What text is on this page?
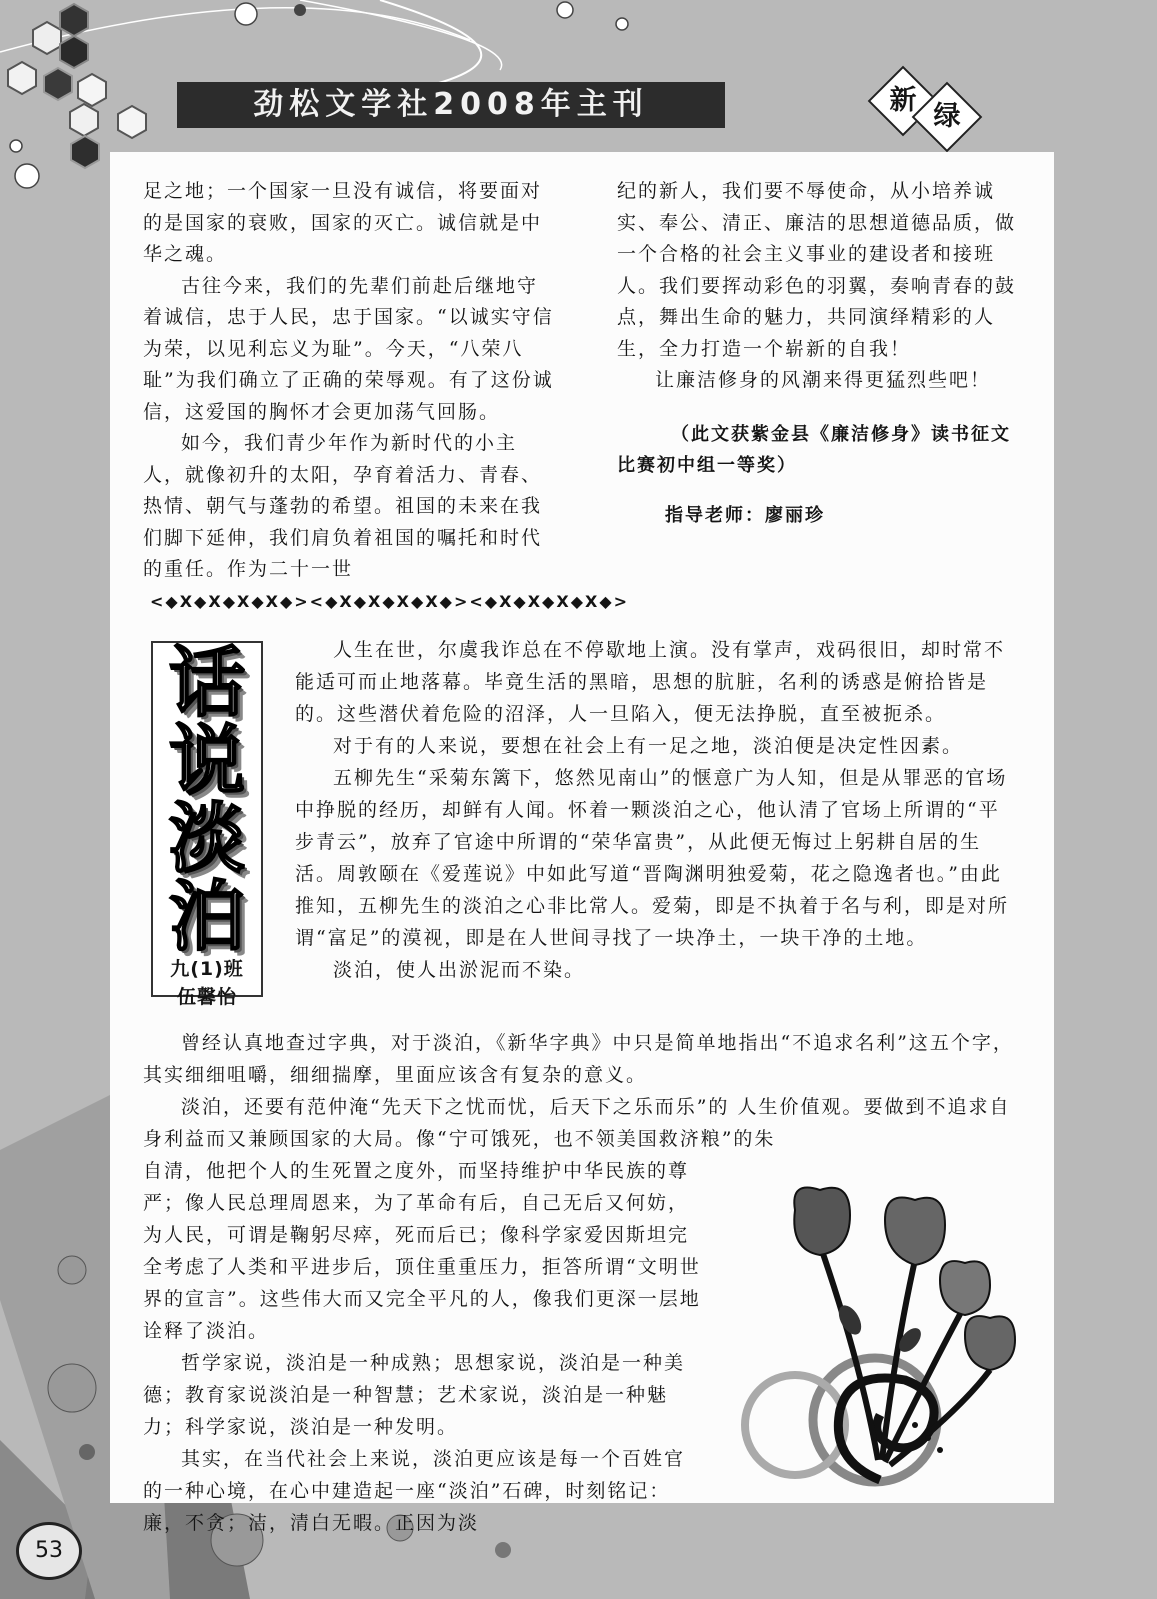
劲松文学社2008年主刊	新
绿

足之地；一个国家一旦没有诚信，将要面对的是国家的衰败，国家的灭亡。诚信就是中华之魂。

古往今来，我们的先辈们前赴后继地守着诚信，忠于人民，忠于国家。“以诚实守信为荣，以见利忘义为耻”。今天，“八荣八耻”为我们确立了正确的荣辱观。有了这份诚信，这爱国的胸怀才会更加荡气回肠。

如今，我们青少年作为新时代的小主人，就像初升的太阳，孕育着活力、青春、热情、朝气与蓬勃的希望。祖国的未来在我们脚下延伸，我们肩负着祖国的嘱托和时代的重任。作为二十一世

纪的新人，我们要不辱使命，从小培养诚实、奉公、清正、廉洁的思想道德品质，做一个合格的社会主义事业的建设者和接班人。我们要挥动彩色的羽翼，奏响青春的鼓点，舞出生命的魅力，共同演绎精彩的人生，全力打造一个崭新的自我！

让廉洁修身的风潮来得更猛烈些吧！

（此文获紫金县《廉洁修身》读书征文比赛初中组一等奖）

指导老师：廖丽珍

<◆X◆X◆X◆X◆><◆X◆X◆X◆X◆><◆X◆X◆X◆X◆>
话
说
淡
泊
九(1)班
伍馨怡

人生在世，尔虞我诈总在不停歇地上演。没有掌声，戏码很旧，却时常不能适可而止地落幕。毕竟生活的黑暗，思想的肮脏，名利的诱惑是俯拾皆是的。这些潜伏着危险的沼泽，人一旦陷入，便无法挣脱，直至被扼杀。

对于有的人来说，要想在社会上有一足之地，淡泊便是决定性因素。

五柳先生“采菊东篱下，悠然见南山”的惬意广为人知，但是从罪恶的官场中挣脱的经历，却鲜有人闻。怀着一颗淡泊之心，他认清了官场上所谓的“平步青云”，放弃了官途中所谓的“荣华富贵”，从此便无悔过上躬耕自居的生活。周敦颐在《爱莲说》中如此写道“晋陶渊明独爱菊，花之隐逸者也。”由此推知，五柳先生的淡泊之心非比常人。爱菊，即是不执着于名与利，即是对所谓“富足”的漠视，即是在人世间寻找了一块净土，一块干净的土地。

淡泊，使人出淤泥而不染。

曾经认真地查过字典，对于淡泊，《新华字典》中只是简单地指出“不追求名利”这五个字，其实细细咀嚼，细细揣摩，里面应该含有复杂的意义。

淡泊，还要有范仲淹“先天下之忧而忧，后天下之乐而乐”的 人生价值观。要做到不追求自身利益而又兼顾国家的大局。像“宁可饿死，也不领美国救济粮”的朱

自清，他把个人的生死置之度外，而坚持维护中华民族的尊严；像人民总理周恩来，为了革命有后，自己无后又何妨，为人民，可谓是鞠躬尽瘁，死而后已；像科学家爱因斯坦完全考虑了人类和平进步后，顶住重重压力，拒答所谓“文明世界的宣言”。这些伟大而又完全平凡的人，像我们更深一层地诠释了淡泊。

哲学家说，淡泊是一种成熟；思想家说，淡泊是一种美德；教育家说淡泊是一种智慧；艺术家说，淡泊是一种魅力；科学家说，淡泊是一种发明。

其实，在当代社会上来说，淡泊更应该是每一个百姓官的一种心境，在心中建造起一座“淡泊”石碑，时刻铭记：廉，不贪；洁，清白无暇。正因为淡

53
